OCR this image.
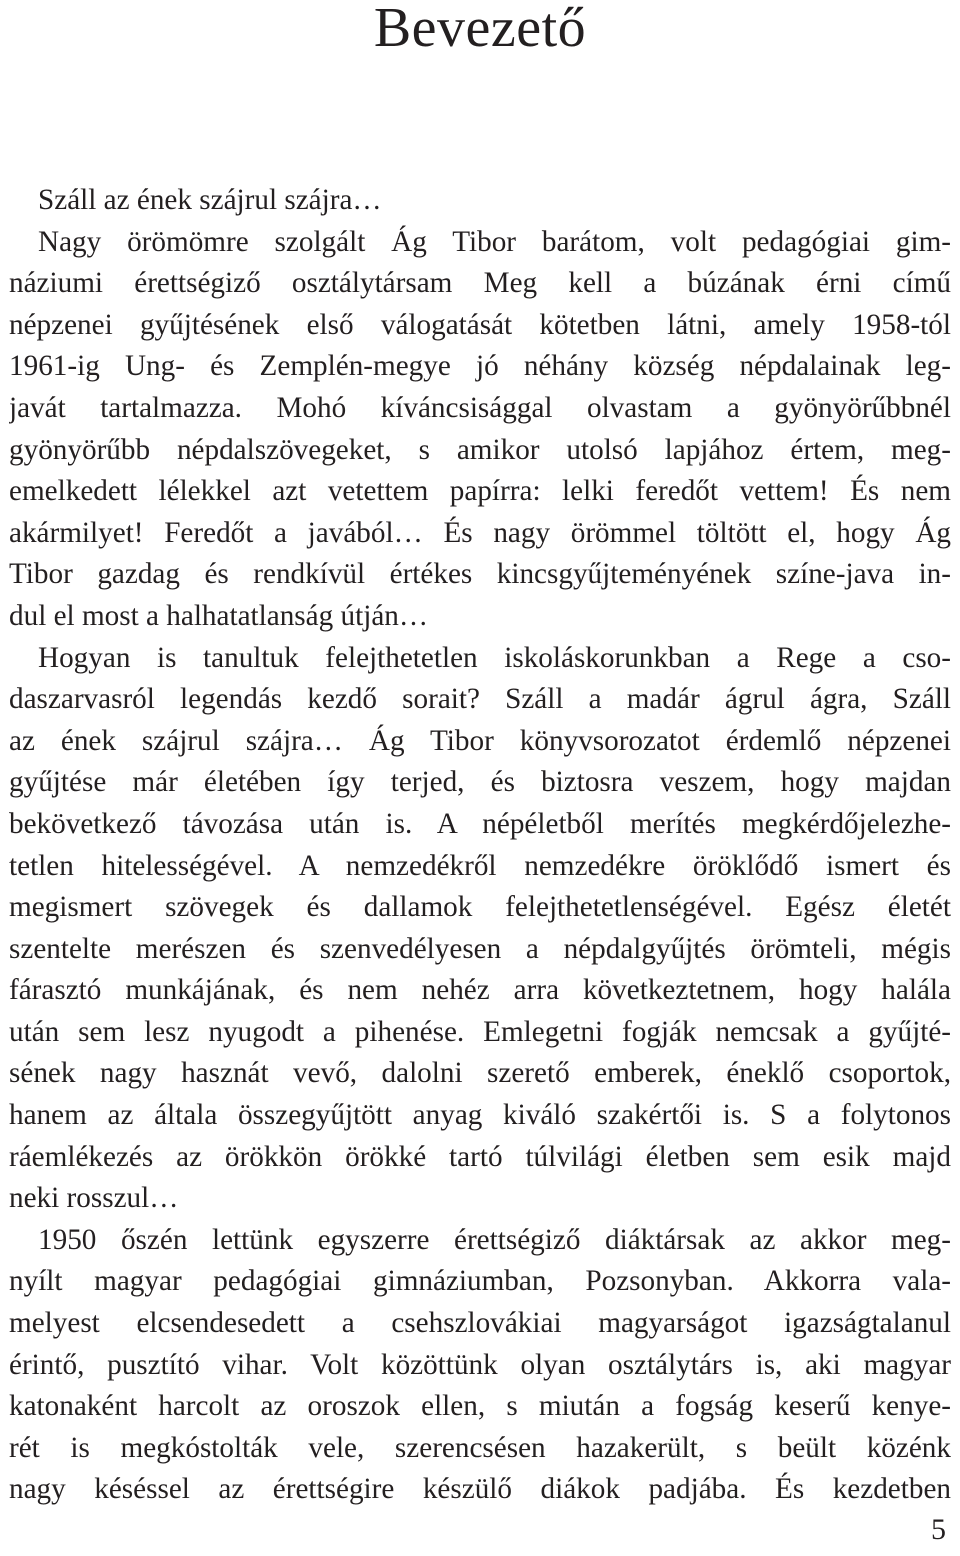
Bevezető
Száll az ének szájrul szájra…
Nagy örömömre szolgált Ág Tibor barátom, volt pedagógiai gim-
náziumi érettségiző osztálytársam Meg kell a búzának érni című
népzenei gyűjtésének első válogatását kötetben látni, amely 1958-tól
1961-ig Ung- és Zemplén-megye jó néhány község népdalainak leg-
javát tartalmazza. Mohó kíváncsisággal olvastam a gyönyörűbbnél
gyönyörűbb népdalszövegeket, s amikor utolsó lapjához értem, meg-
emelkedett lélekkel azt vetettem papírra: lelki feredőt vettem! És nem
akármilyet! Feredőt a javából… És nagy örömmel töltött el, hogy Ág
Tibor gazdag és rendkívül értékes kincsgyűjteményének színe-java in-
dul el most a halhatatlanság útján…
Hogyan is tanultuk felejthetetlen iskoláskorunkban a Rege a cso-
daszarvasról legendás kezdő sorait? Száll a madár ágrul ágra, Száll
az ének szájrul szájra… Ág Tibor könyvsorozatot érdemlő népzenei
gyűjtése már életében így terjed, és biztosra veszem, hogy majdan
bekövetkező távozása után is. A népéletből merítés megkérdőjelezhe-
tetlen hitelességével. A nemzedékről nemzedékre öröklődő ismert és
megismert szövegek és dallamok felejthetetlenségével. Egész életét
szentelte merészen és szenvedélyesen a népdalgyűjtés örömteli, mégis
fárasztó munkájának, és nem nehéz arra következtetnem, hogy halála
után sem lesz nyugodt a pihenése. Emlegetni fogják nemcsak a gyűjté-
sének nagy hasznát vevő, dalolni szerető emberek, éneklő csoportok,
hanem az általa összegyűjtött anyag kiváló szakértői is. S a folytonos
ráemlékezés az örökkön örökké tartó túlvilági életben sem esik majd
neki rosszul…
1950 őszén lettünk egyszerre érettségiző diáktársak az akkor meg-
nyílt magyar pedagógiai gimnáziumban, Pozsonyban. Akkorra vala-
melyest elcsendesedett a csehszlovákiai magyarságot igazságtalanul
érintő, pusztító vihar. Volt közöttünk olyan osztálytárs is, aki magyar
katonaként harcolt az oroszok ellen, s miután a fogság keserű kenye-
rét is megkóstolták vele, szerencsésen hazakerült, s beült közénk
nagy késéssel az érettségire készülő diákok padjába. És kezdetben
5
